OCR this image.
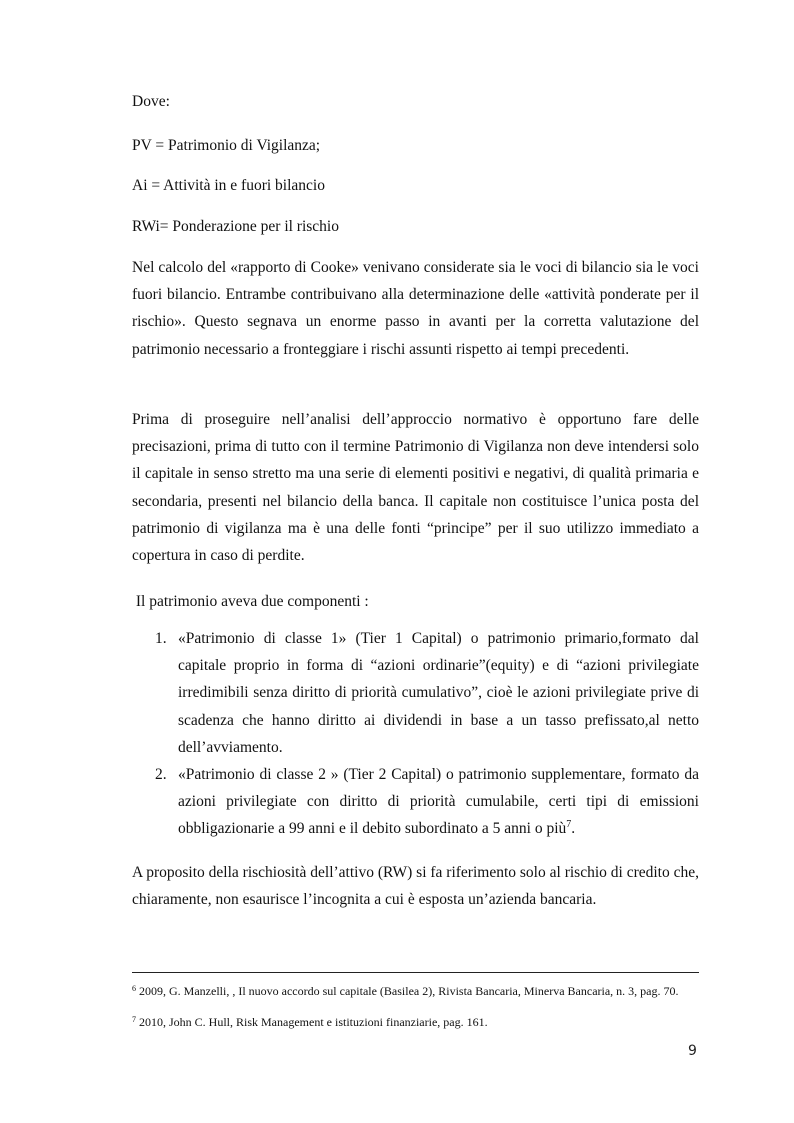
Dove:
PV = Patrimonio di Vigilanza;
Ai = Attività in e fuori bilancio
RWi= Ponderazione per il rischio

Nel calcolo del «rapporto di Cooke» venivano considerate sia le voci di bilancio sia le voci fuori bilancio. Entrambe contribuivano alla determinazione delle «attività ponderate per il rischio». Questo segnava un enorme passo in avanti per la corretta valutazione del patrimonio necessario a fronteggiare i rischi assunti rispetto ai tempi precedenti.

Prima di proseguire nell’analisi dell’approccio normativo è opportuno fare delle precisazioni, prima di tutto con il termine Patrimonio di Vigilanza non deve intendersi solo il capitale in senso stretto ma una serie di elementi positivi e negativi, di qualità primaria e secondaria, presenti nel bilancio della banca. Il capitale non costituisce l’unica posta del patrimonio di vigilanza ma è una delle fonti “principe” per il suo utilizzo immediato a copertura in caso di perdite.

Il patrimonio aveva due componenti :
1. «Patrimonio di classe 1» (Tier 1 Capital) o patrimonio primario,formato dal capitale proprio in forma di “azioni ordinarie”(equity) e di “azioni privilegiate irredimibili senza diritto di priorità cumulativo”, cioè le azioni privilegiate prive di scadenza che hanno diritto ai dividendi in base a un tasso prefissato,al netto dell’avviamento.
2. «Patrimonio di classe 2 » (Tier 2 Capital) o patrimonio supplementare, formato da azioni privilegiate con diritto di priorità cumulabile, certi tipi di emissioni obbligazionarie a 99 anni e il debito subordinato a 5 anni o più$^7$.

A proposito della rischiosità dell’attivo (RW) si fa riferimento solo al rischio di credito che, chiaramente, non esaurisce l’incognita a cui è esposta un’azienda bancaria.

$^6$ 2009, G. Manzelli, , Il nuovo accordo sul capitale (Basilea 2), Rivista Bancaria, Minerva Bancaria, n. 3, pag. 70.
$^7$ 2010, John C. Hull, Risk Management e istituzioni finanziarie, pag. 161.
9
